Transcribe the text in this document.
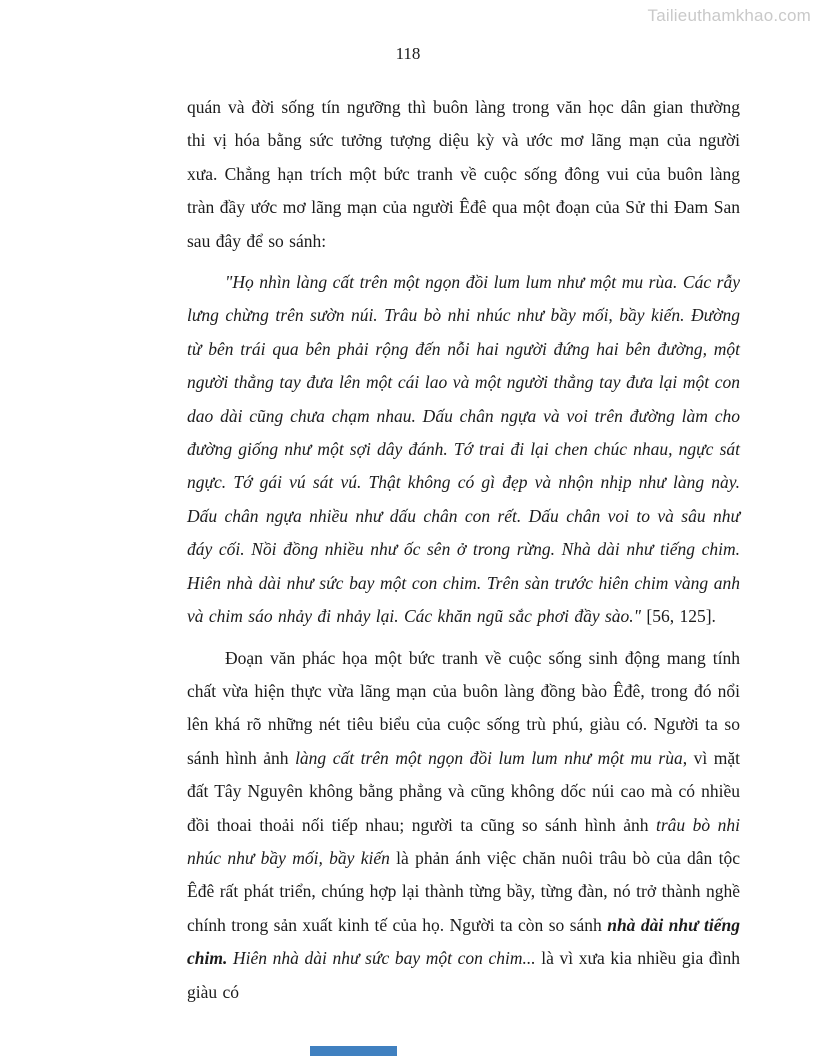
Tailieuthamkhao.com
118

quán và đời sống tín ngưỡng thì buôn làng trong văn học dân gian thường thi vị hóa bằng sức tưởng tượng diệu kỳ và ước mơ lãng mạn của người xưa. Chẳng hạn trích một bức tranh về cuộc sống đông vui của buôn làng tràn đầy ước mơ lãng mạn của người Êđê qua một đoạn của Sử thi Đam San sau đây để so sánh:

"Họ nhìn làng cất trên một ngọn đồi lum lum như một mu rùa. Các rẫy lưng chừng trên sườn núi. Trâu bò nhi nhúc như bầy mối, bầy kiến. Đường từ bên trái qua bên phải rộng đến nỗi hai người đứng hai bên đường, một người thẳng tay đưa lên một cái lao và một người thẳng tay đưa lại một con dao dài cũng chưa chạm nhau. Dấu chân ngựa và voi trên đường làm cho đường giống như một sợi dây đánh. Tớ trai đi lại chen chúc nhau, ngực sát ngực. Tớ gái vú sát vú. Thật không có gì đẹp và nhộn nhịp như làng này. Dấu chân ngựa nhiều như dấu chân con rết. Dấu chân voi to và sâu như đáy cối. Nồi đồng nhiều như ốc sên ở trong rừng. Nhà dài như tiếng chim. Hiên nhà dài như sức bay một con chim. Trên sàn trước hiên chim vàng anh và chim sáo nhảy đi nhảy lại. Các khăn ngũ sắc phơi đầy sào." [56, 125].

Đoạn văn phác họa một bức tranh về cuộc sống sinh động mang tính chất vừa hiện thực vừa lãng mạn của buôn làng đồng bào Êđê, trong đó nổi lên khá rõ những nét tiêu biểu của cuộc sống trù phú, giàu có. Người ta so sánh hình ảnh làng cất trên một ngọn đồi lum lum như một mu rùa, vì mặt đất Tây Nguyên không bằng phẳng và cũng không dốc núi cao mà có nhiều đồi thoai thoải nối tiếp nhau; người ta cũng so sánh hình ảnh trâu bò nhi nhúc như bầy mối, bầy kiến là phản ánh việc chăn nuôi trâu bò của dân tộc Êđê rất phát triển, chúng hợp lại thành từng bầy, từng đàn, nó trở thành nghề chính trong sản xuất kinh tế của họ. Người ta còn so sánh nhà dài như tiếng chim. Hiên nhà dài như sức bay một con chim... là vì xưa kia nhiều gia đình giàu có
